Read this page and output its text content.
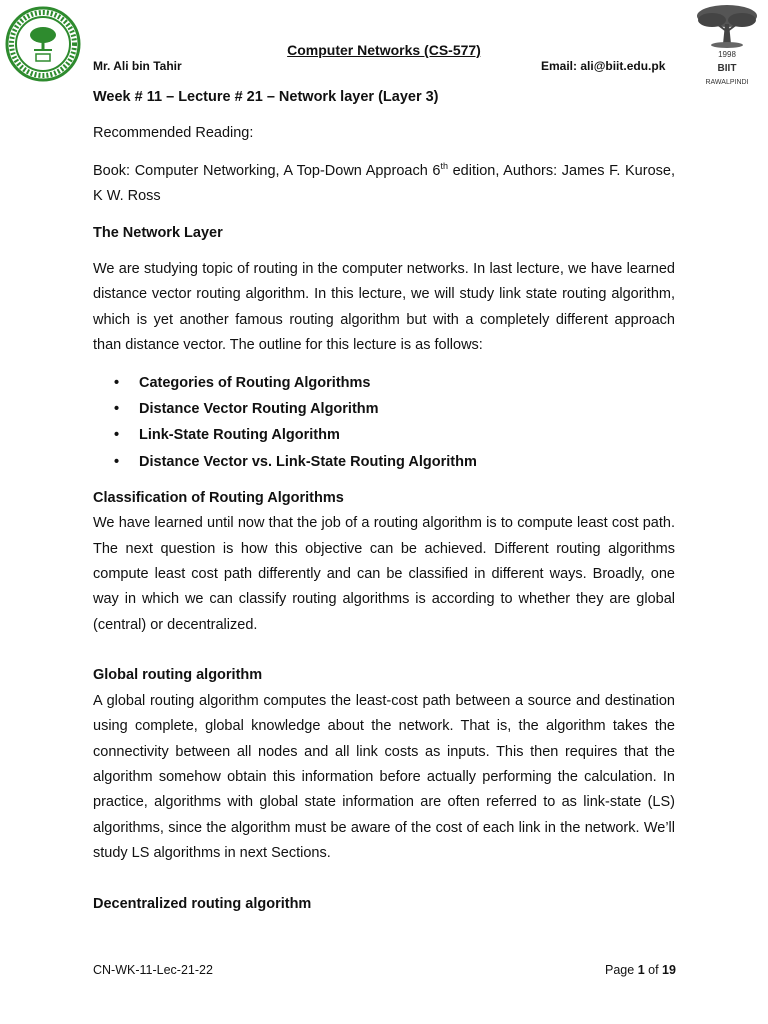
1998
BIIT
RAWALPINDI
Computer Networks (CS-577)
Mr. Ali bin Tahir	Email: ali@biit.edu.pk

Week # 11 – Lecture # 21 – Network layer (Layer 3)

Recommended Reading:

Book: Computer Networking, A Top-Down Approach 6th edition, Authors: James F. Kurose, K W. Ross

The Network Layer

We are studying topic of routing in the computer networks. In last lecture, we have learned distance vector routing algorithm. In this lecture, we will study link state routing algorithm, which is yet another famous routing algorithm but with a completely different approach than distance vector. The outline for this lecture is as follows:

• Categories of Routing Algorithms
• Distance Vector Routing Algorithm
• Link-State Routing Algorithm
• Distance Vector vs. Link-State Routing Algorithm

Classification of Routing Algorithms

We have learned until now that the job of a routing algorithm is to compute least cost path. The next question is how this objective can be achieved. Different routing algorithms compute least cost path differently and can be classified in different ways. Broadly, one way in which we can classify routing algorithms is according to whether they are global (central) or decentralized.

Global routing algorithm

A global routing algorithm computes the least-cost path between a source and destination using complete, global knowledge about the network. That is, the algorithm takes the connectivity between all nodes and all link costs as inputs. This then requires that the algorithm somehow obtain this information before actually performing the calculation. In practice, algorithms with global state information are often referred to as link-state (LS) algorithms, since the algorithm must be aware of the cost of each link in the network. We’ll study LS algorithms in next Sections.

Decentralized routing algorithm

CN-WK-11-Lec-21-22	Page 1 of 19
